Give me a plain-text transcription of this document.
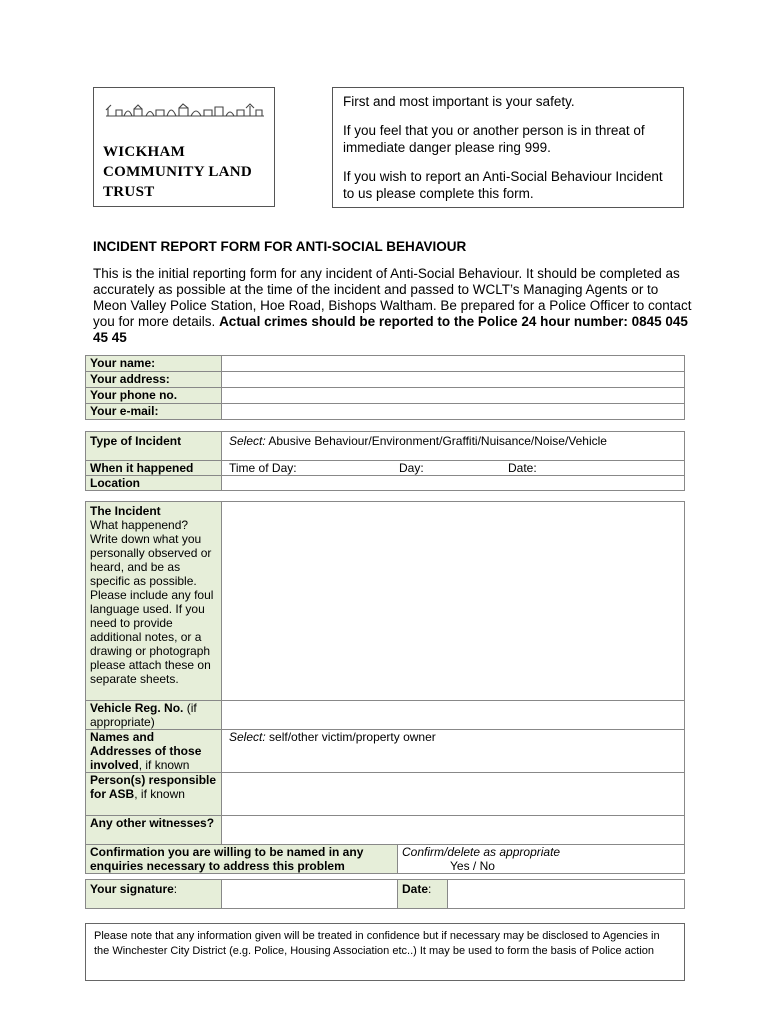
WICKHAM
COMMUNITY LAND
TRUST

First and most important is your safety.

If you feel that you or another person is in threat of immediate danger please ring 999.

If you wish to report an Anti-Social Behaviour Incident to us please complete this form.

INCIDENT REPORT FORM FOR ANTI-SOCIAL BEHAVIOUR
This is the initial reporting form for any incident of Anti-Social Behaviour. It should be completed as accurately as possible at the time of the incident and passed to WCLT’s Managing Agents or to Meon Valley Police Station, Hoe Road, Bishops Waltham. Be prepared for a Police Officer to contact you for more details. Actual crimes should be reported to the Police 24 hour number: 0845 045 45 45
Your name:	
Your address:	
Your phone no.	
Your e-mail:	
Type of Incident	Select: Abusive Behaviour/Environment/Graffiti/Nuisance/Noise/Vehicle
When it happened	Time of Day: Day: Date:

Location	
The Incident
What happenend? Write down what you personally observed or heard, and be as specific as possible. Please include any foul language used. If you need to provide additional notes, or a drawing or photograph please attach these on separate sheets.		

Vehicle Reg. No. (if appropriate)		
Names and Addresses of those involved, if known	Select: self/other victim/property owner	
Person(s) responsible for ASB, if known		
Any other witnesses?		
Confirmation you are willing to be named in any enquiries necessary to address this problem		Confirm/delete as appropriate
Yes / No
Your signature:		Date:	
Please note that any information given will be treated in confidence but if necessary may be disclosed to Agencies in the Winchester City District (e.g. Police, Housing Association etc..) It may be used to form the basis of Police action
